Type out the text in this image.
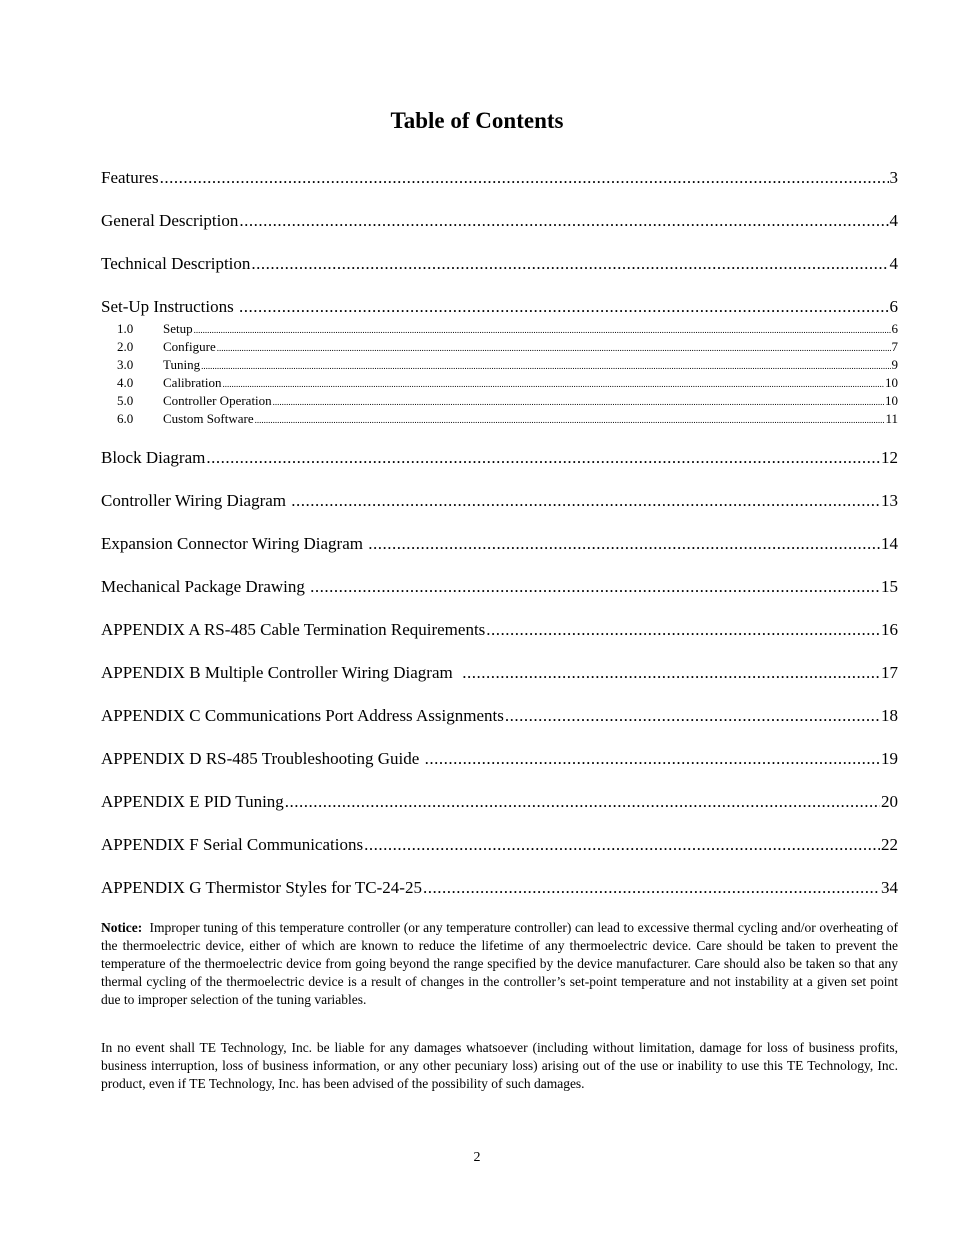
Table of Contents
Features .....	3
General Description .....	4
Technical Description .....	4
Set-Up Instructions .....	6
1.0	Setup .....	6
2.0	Configure .....	7
3.0	Tuning .....	9
4.0	Calibration .....	10
5.0	Controller Operation .....	10
6.0	Custom Software .....	11
Block Diagram .....	12
Controller Wiring Diagram .....	13
Expansion Connector Wiring Diagram .....	14
Mechanical Package Drawing .....	15
APPENDIX A RS-485 Cable Termination Requirements .....	16
APPENDIX B Multiple Controller Wiring Diagram .....	17
APPENDIX C Communications Port Address Assignments .....	18
APPENDIX D RS-485 Troubleshooting Guide .....	19
APPENDIX E PID Tuning .....	20
APPENDIX F Serial Communications .....	22
APPENDIX G Thermistor Styles for TC-24-25 .....	34
Notice: Improper tuning of this temperature controller (or any temperature controller) can lead to excessive thermal cycling and/or overheating of the thermoelectric device, either of which are known to reduce the lifetime of any thermoelectric device. Care should be taken to prevent the temperature of the thermoelectric device from going beyond the range specified by the device manufacturer. Care should also be taken so that any thermal cycling of the thermoelectric device is a result of changes in the controller’s set-point temperature and not instability at a given set point due to improper selection of the tuning variables.
In no event shall TE Technology, Inc. be liable for any damages whatsoever (including without limitation, damage for loss of business profits, business interruption, loss of business information, or any other pecuniary loss) arising out of the use or inability to use this TE Technology, Inc. product, even if TE Technology, Inc. has been advised of the possibility of such damages.
2
